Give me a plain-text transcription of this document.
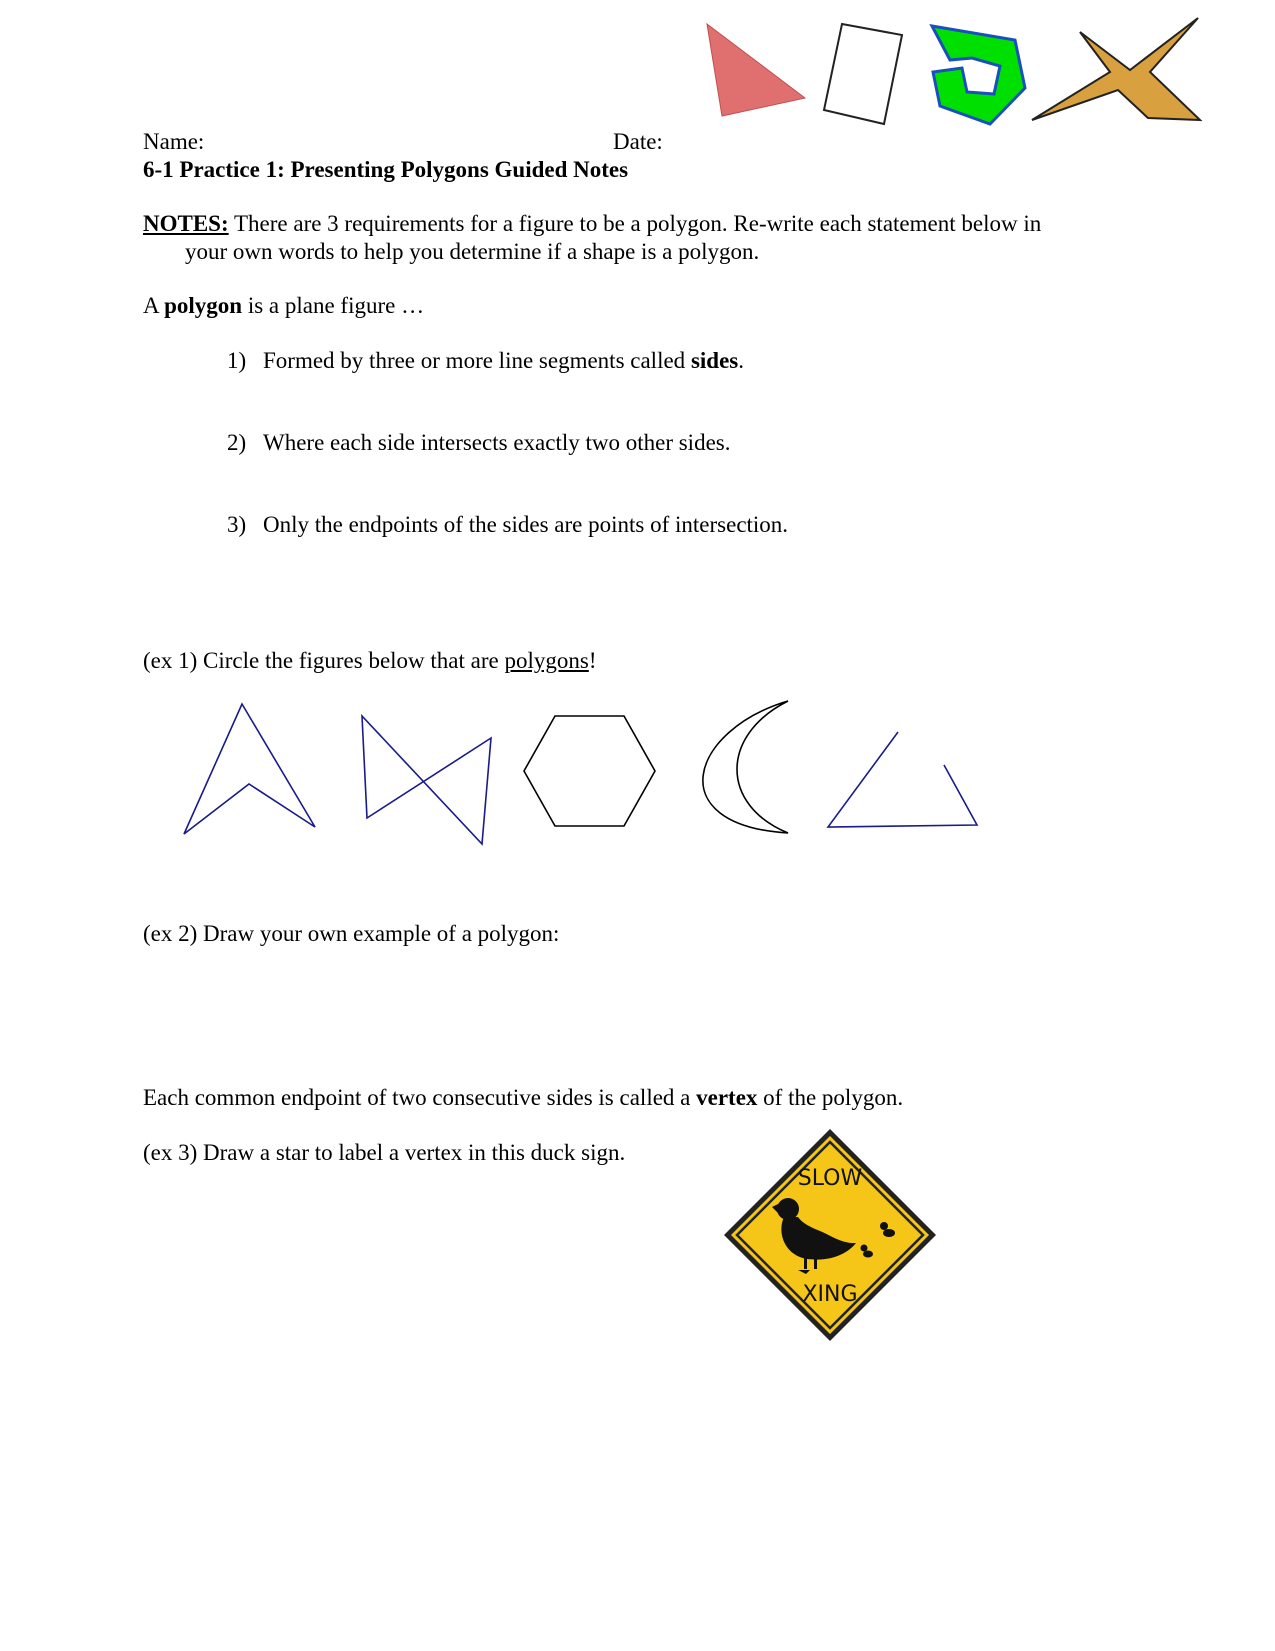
Name:	Date:
6-1 Practice 1: Presenting Polygons Guided Notes
NOTES: There are 3 requirements for a figure to be a polygon. Re-write each statement below in
your own words to help you determine if a shape is a polygon.
A polygon is a plane figure …
1) Formed by three or more line segments called sides.
2) Where each side intersects exactly two other sides.
3) Only the endpoints of the sides are points of intersection.
(ex 1) Circle the figures below that are polygons!
(ex 2) Draw your own example of a polygon:
Each common endpoint of two consecutive sides is called a vertex of the polygon.
(ex 3) Draw a star to label a vertex in this duck sign.
SLOW
XING
